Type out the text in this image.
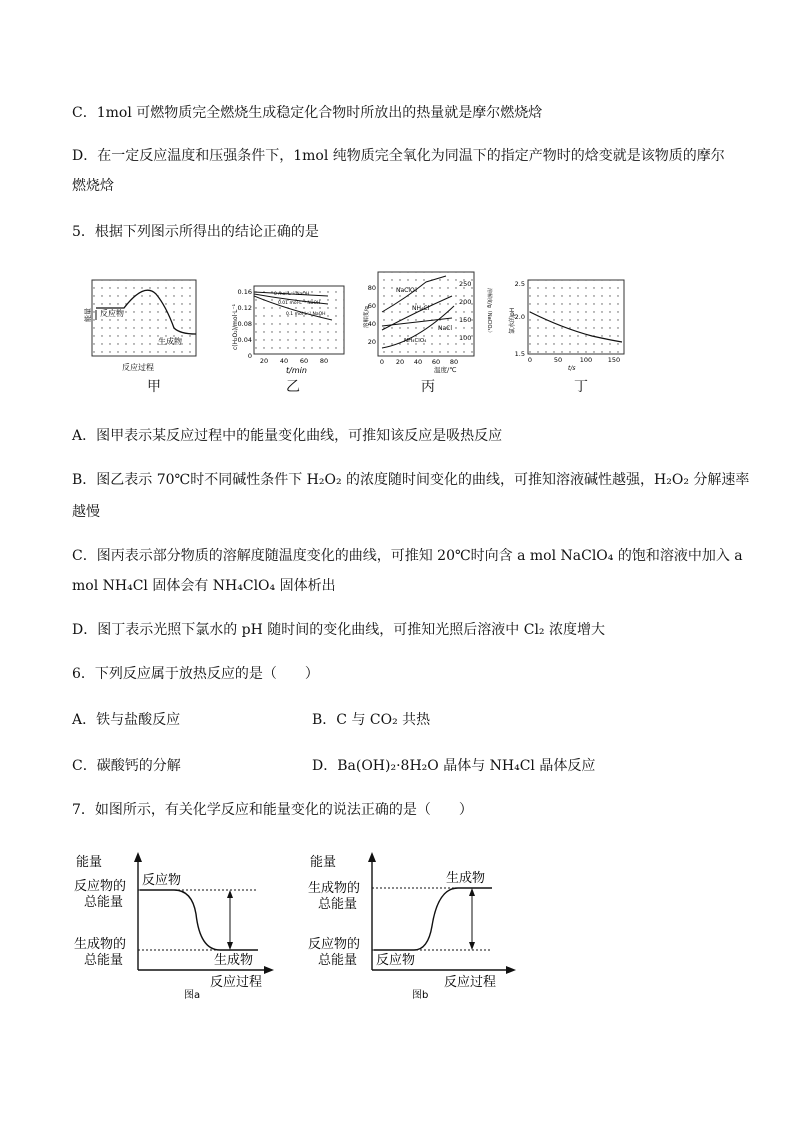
C．1mol 可燃物质完全燃烧生成稳定化合物时所放出的热量就是摩尔燃烧焓
D．在一定反应温度和压强条件下，1mol 纯物质完全氧化为同温下的指定产物时的焓变就是该物质的摩尔
燃烧焓
5．根据下列图示所得出的结论正确的是
能量 反应物
生成物
反应过程
甲
c(H₂O₂)/mol·L⁻¹
0.16
0.12
0.08
0.04
0
20 40 60 80
t/min
0 mol·L⁻¹ NaOH
0.01 mol·L⁻¹ NaOH
0.1 mol·L⁻¹ NaOH
乙
80
60
40
20
250
200
150
100
0 20 40 60 80
温度/℃
溶解度/g	溶解度/g（NaClO₄）
NaClO₄
NH₄Cl
NaCl
NH₄ClO₄
丙
2.5
2.0
1.5
0	50	100 150
t/s
氯水的pH
丁
A．图甲表示某反应过程中的能量变化曲线，可推知该反应是吸热反应
B．图乙表示 70℃时不同碱性条件下 H₂O₂ 的浓度随时间变化的曲线，可推知溶液碱性越强，H₂O₂ 分解速率
越慢
C．图丙表示部分物质的溶解度随温度变化的曲线，可推知 20℃时向含 a mol NaClO₄ 的饱和溶液中加入 a
mol NH₄Cl 固体会有 NH₄ClO₄ 固体析出
D．图丁表示光照下氯水的 pH 随时间的变化曲线，可推知光照后溶液中 Cl₂ 浓度增大
6．下列反应属于放热反应的是（　　）
A．铁与盐酸反应	B．C 与 CO₂ 共热
C．碳酸钙的分解	D．Ba(OH)₂·8H₂O 晶体与 NH₄Cl 晶体反应
7．如图所示，有关化学反应和能量变化的说法正确的是（　　）
能量
反应物的
总能量
生成物的
总能量
反应物
生成物
反应过程
图a
能量
生成物的
总能量
反应物的
总能量
生成物
反应物
反应过程
图b
